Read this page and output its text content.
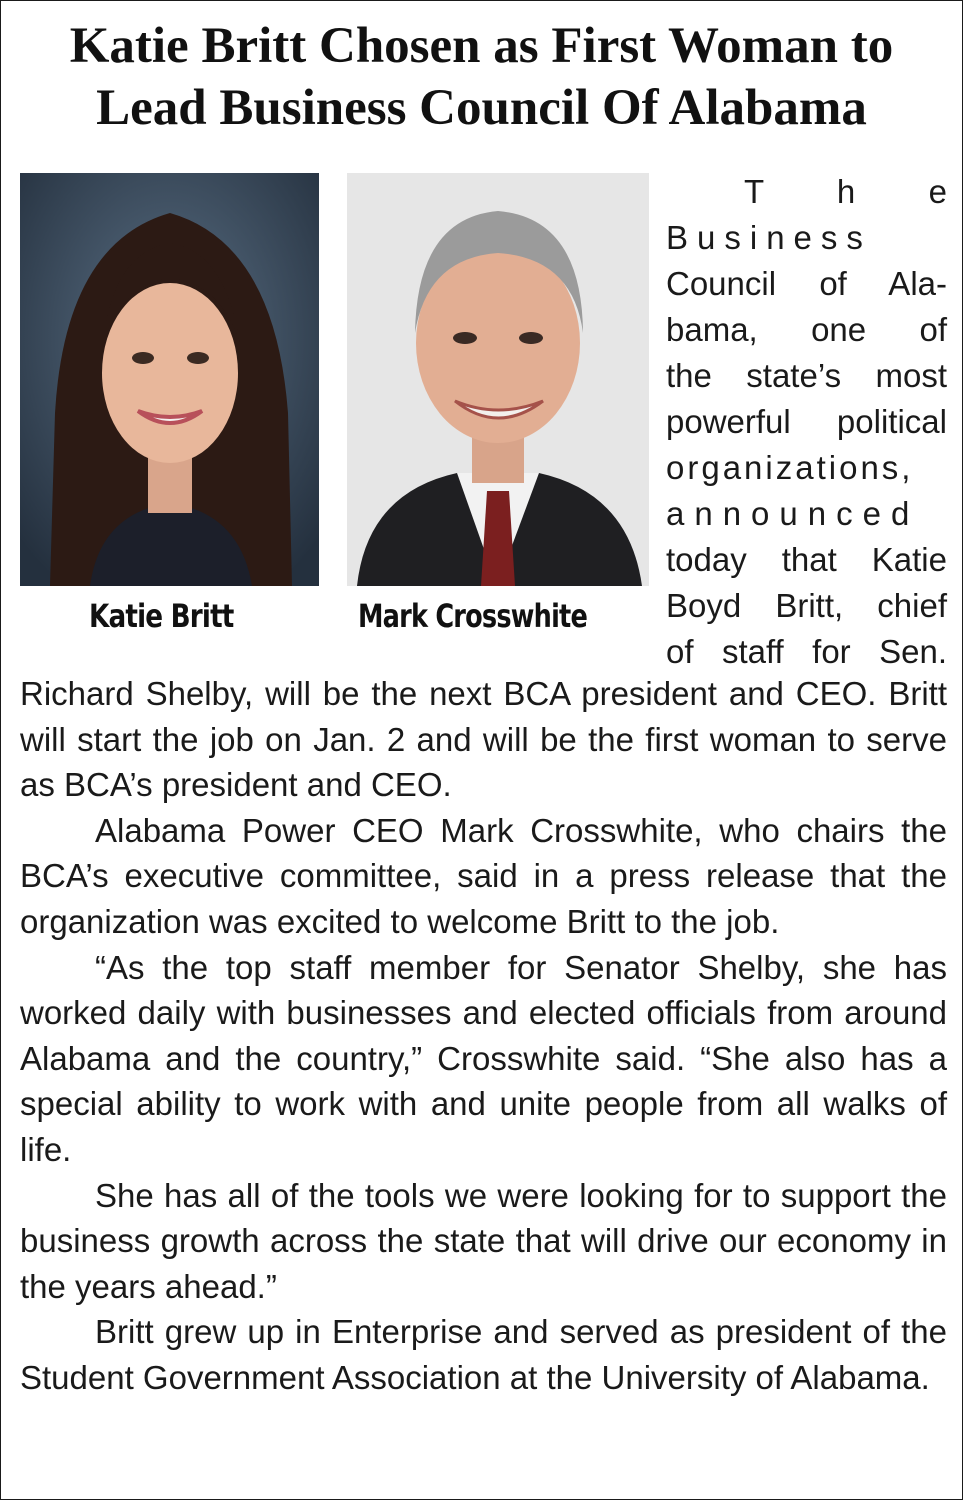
Katie Britt Chosen as First Woman to
Lead Business Council Of Alabama
Katie Britt	Mark Crosswhite
T h e
Business
Council of Ala-
bama, one of
the state’s most
powerful political
organizations,
announced
today that Katie
Boyd Britt, chief
of staff for Sen.

Richard Shelby, will be the next BCA president and CEO. Britt will start the job on Jan. 2 and will be the first woman to serve as BCA’s president and CEO.

Alabama Power CEO Mark Crosswhite, who chairs the BCA’s executive committee, said in a press release that the organization was excited to welcome Britt to the job.

“As the top staff member for Senator Shelby, she has worked daily with businesses and elected officials from around Alabama and the country,” Crosswhite said. “She also has a special ability to work with and unite people from all walks of life.

She has all of the tools we were looking for to support the business growth across the state that will drive our economy in the years ahead.”

Britt grew up in Enterprise and served as president of the Student Government Association at the University of Alabama.
